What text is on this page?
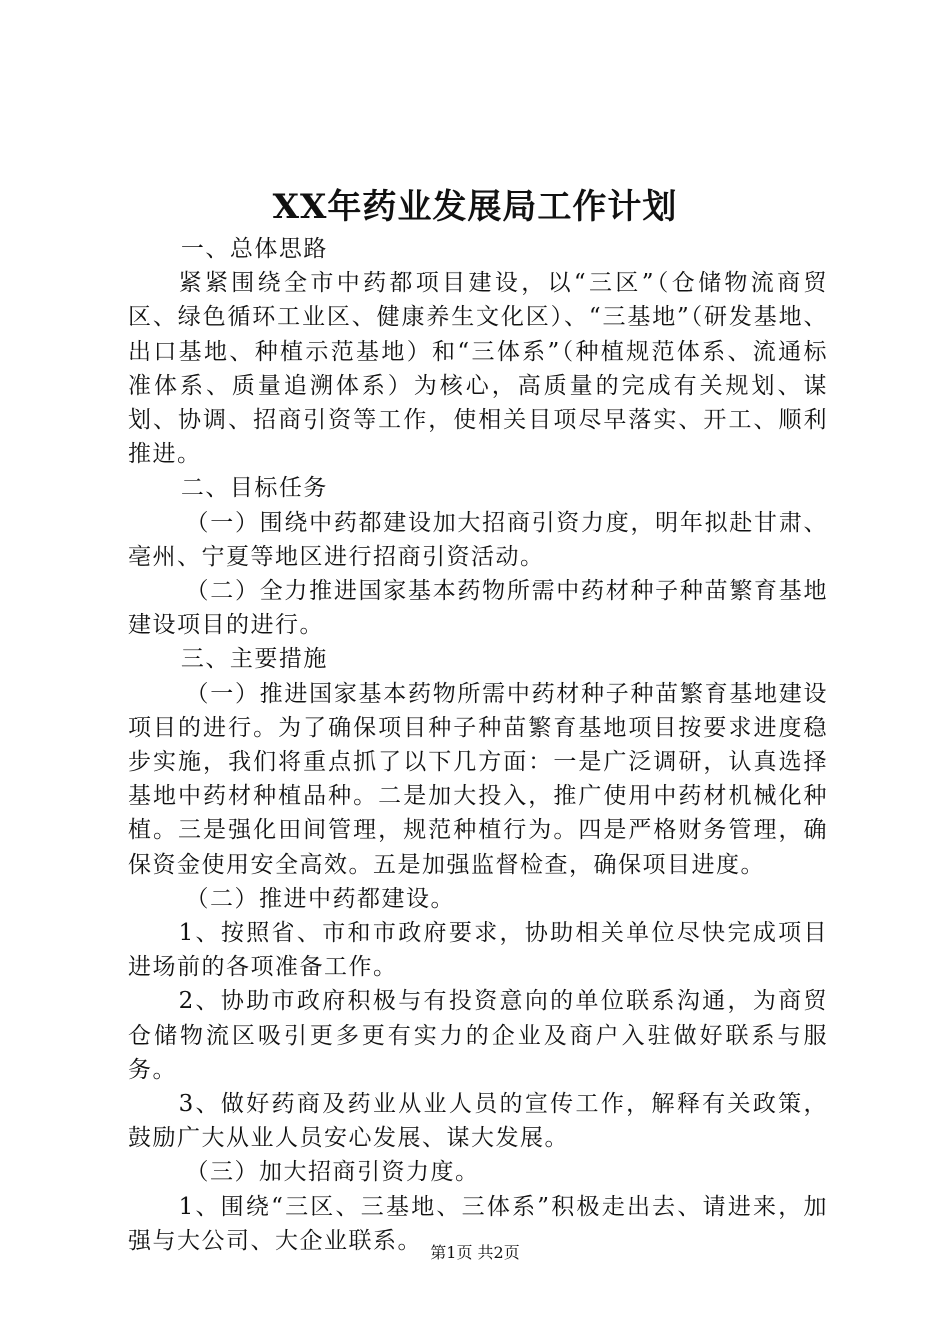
XX年药业发展局工作计划

一、总体思路

紧紧围绕全市中药都项目建设，以“三区”（仓储物流商贸区、绿色循环工业区、健康养生文化区）、“三基地”（研发基地、出口基地、种植示范基地）和“三体系”（种植规范体系、流通标准体系、质量追溯体系）为核心，高质量的完成有关规划、谋划、协调、招商引资等工作，使相关目项尽早落实、开工、顺利推进。

二、目标任务

（一）围绕中药都建设加大招商引资力度，明年拟赴甘肃、亳州、宁夏等地区进行招商引资活动。

（二）全力推进国家基本药物所需中药材种子种苗繁育基地建设项目的进行。

三、主要措施

（一）推进国家基本药物所需中药材种子种苗繁育基地建设项目的进行。为了确保项目种子种苗繁育基地项目按要求进度稳步实施，我们将重点抓了以下几方面：一是广泛调研，认真选择基地中药材种植品种。二是加大投入，推广使用中药材机械化种植。三是强化田间管理，规范种植行为。四是严格财务管理，确保资金使用安全高效。五是加强监督检查，确保项目进度。

（二）推进中药都建设。

1、按照省、市和市政府要求，协助相关单位尽快完成项目进场前的各项准备工作。

2、协助市政府积极与有投资意向的单位联系沟通，为商贸仓储物流区吸引更多更有实力的企业及商户入驻做好联系与服务。

3、做好药商及药业从业人员的宣传工作，解释有关政策，鼓励广大从业人员安心发展、谋大发展。

（三）加大招商引资力度。

1、围绕“三区、三基地、三体系”积极走出去、请进来，加强与大公司、大企业联系。 第1页 共2页
